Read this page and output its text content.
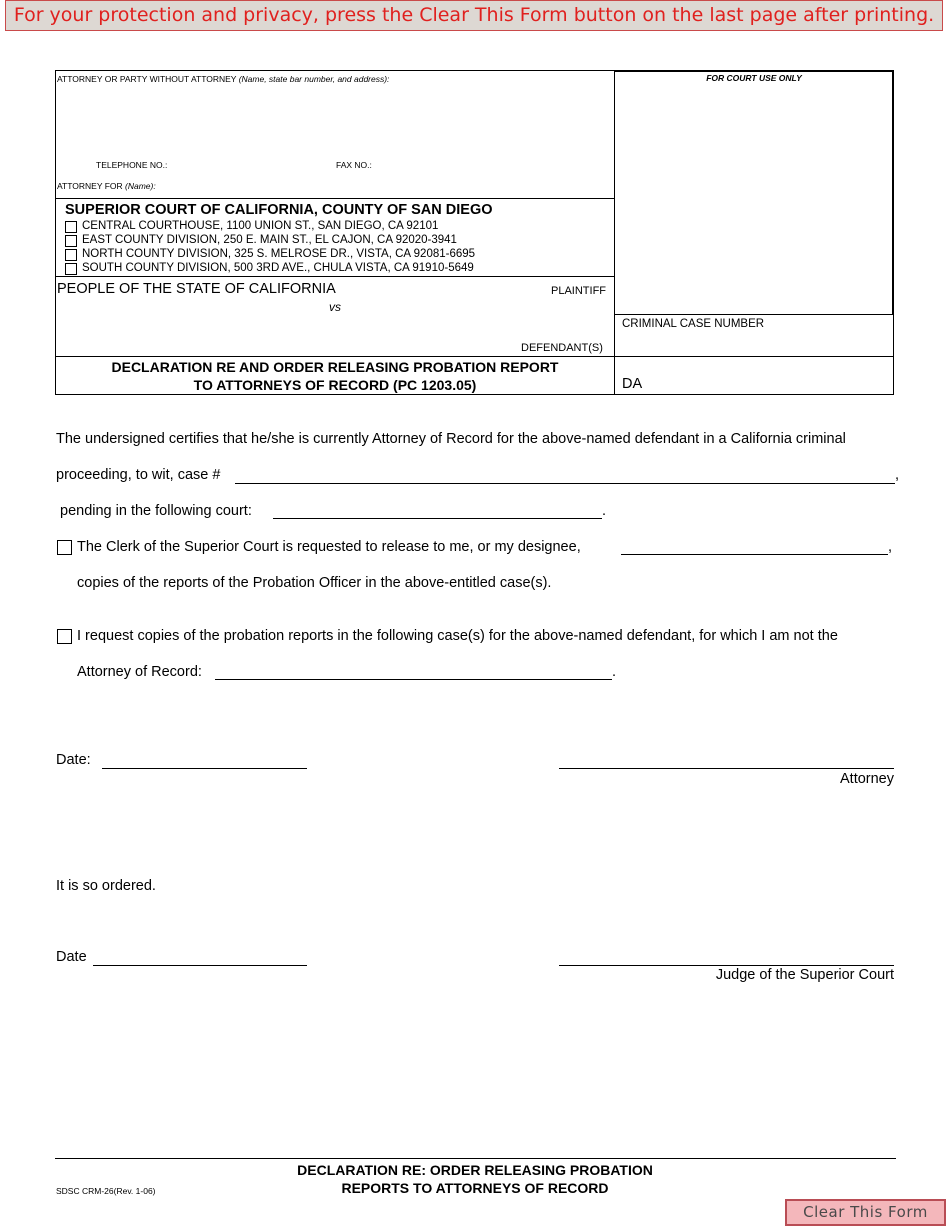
For your protection and privacy, press the Clear This Form button on the last page after printing.
ATTORNEY OR PARTY WITHOUT ATTORNEY (Name, state bar number, and address):
TELEPHONE NO.:	FAX NO.:
ATTORNEY FOR (Name):
FOR COURT USE ONLY
SUPERIOR COURT OF CALIFORNIA, COUNTY OF SAN DIEGO
CENTRAL COURTHOUSE, 1100 UNION ST., SAN DIEGO, CA 92101
EAST COUNTY DIVISION, 250 E. MAIN ST., EL CAJON, CA 92020-3941
NORTH COUNTY DIVISION, 325 S. MELROSE DR., VISTA, CA 92081-6695
SOUTH COUNTY DIVISION, 500 3RD AVE., CHULA VISTA, CA 91910-5649
PEOPLE OF THE STATE OF CALIFORNIA	PLAINTIFF
vs
DEFENDANT(S)
CRIMINAL CASE NUMBER
DECLARATION RE AND ORDER RELEASING PROBATION REPORT
TO ATTORNEYS OF RECORD (PC 1203.05)	DA
The undersigned certifies that he/she is currently Attorney of Record for the above-named defendant in a California criminal
proceeding, to wit, case #	,
pending in the following court:	.
The Clerk of the Superior Court is requested to release to me, or my designee,	,
copies of the reports of the Probation Officer in the above-entitled case(s).
I request copies of the probation reports in the following case(s) for the above-named defendant, for which I am not the
Attorney of Record:	.
Date:
Attorney
It is so ordered.
Date
Judge of the Superior Court
SDSC CRM-26(Rev. 1-06)
DECLARATION RE: ORDER RELEASING PROBATION
REPORTS TO ATTORNEYS OF RECORD
Clear This Form
